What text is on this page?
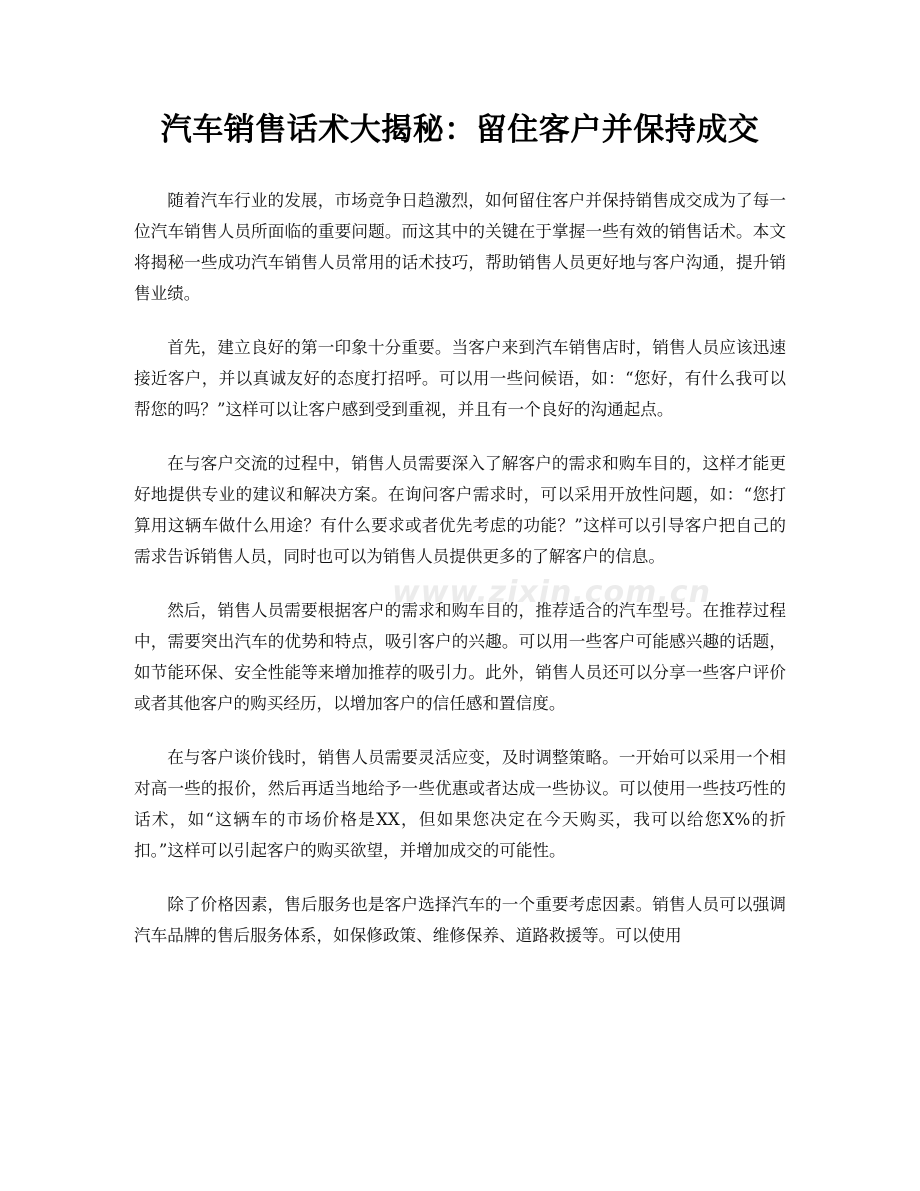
汽车销售话术大揭秘：留住客户并保持成交

随着汽车行业的发展，市场竞争日趋激烈，如何留住客户并保持销售成交成为了每一位汽车销售人员所面临的重要问题。而这其中的关键在于掌握一些有效的销售话术。本文将揭秘一些成功汽车销售人员常用的话术技巧，帮助销售人员更好地与客户沟通，提升销售业绩。

首先，建立良好的第一印象十分重要。当客户来到汽车销售店时，销售人员应该迅速接近客户，并以真诚友好的态度打招呼。可以用一些问候语，如：“您好，有什么我可以帮您的吗？”这样可以让客户感到受到重视，并且有一个良好的沟通起点。

在与客户交流的过程中，销售人员需要深入了解客户的需求和购车目的，这样才能更好地提供专业的建议和解决方案。在询问客户需求时，可以采用开放性问题，如：“您打算用这辆车做什么用途？有什么要求或者优先考虑的功能？”这样可以引导客户把自己的需求告诉销售人员，同时也可以为销售人员提供更多的了解客户的信息。

然后，销售人员需要根据客户的需求和购车目的，推荐适合的汽车型号。在推荐过程中，需要突出汽车的优势和特点，吸引客户的兴趣。可以用一些客户可能感兴趣的话题，如节能环保、安全性能等来增加推荐的吸引力。此外，销售人员还可以分享一些客户评价或者其他客户的购买经历，以增加客户的信任感和置信度。

在与客户谈价钱时，销售人员需要灵活应变，及时调整策略。一开始可以采用一个相对高一些的报价，然后再适当地给予一些优惠或者达成一些协议。可以使用一些技巧性的话术，如“这辆车的市场价格是XX，但如果您决定在今天购买，我可以给您X%的折扣。”这样可以引起客户的购买欲望，并增加成交的可能性。

除了价格因素，售后服务也是客户选择汽车的一个重要考虑因素。销售人员可以强调汽车品牌的售后服务体系，如保修政策、维修保养、道路救援等。可以使用

www.zixin.com.cn
